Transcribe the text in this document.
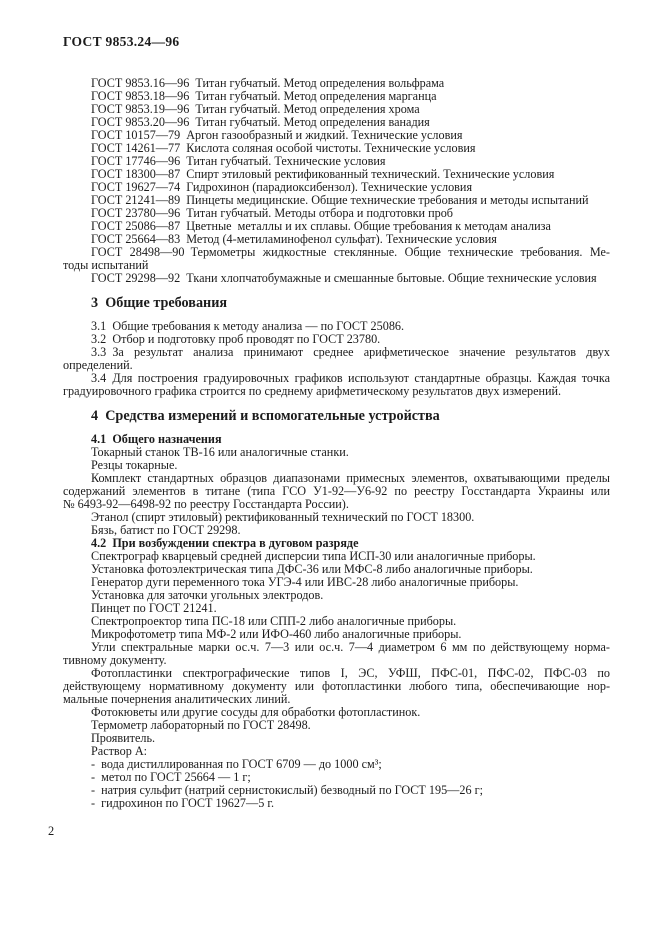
ГОСТ 9853.24—96
ГОСТ 9853.16—96 Титан губчатый. Метод определения вольфрама
ГОСТ 9853.18—96 Титан губчатый. Метод определения марганца
ГОСТ 9853.19—96 Титан губчатый. Метод определения хрома
ГОСТ 9853.20—96 Титан губчатый. Метод определения ванадия
ГОСТ 10157—79 Аргон газообразный и жидкий. Технические условия
ГОСТ 14261—77 Кислота соляная особой чистоты. Технические условия
ГОСТ 17746—96 Титан губчатый. Технические условия
ГОСТ 18300—87 Спирт этиловый ректификованный технический. Технические условия
ГОСТ 19627—74 Гидрохинон (парадиоксибензол). Технические условия
ГОСТ 21241—89 Пинцеты медицинские. Общие технические требования и методы испытаний
ГОСТ 23780—96 Титан губчатый. Методы отбора и подготовки проб
ГОСТ 25086—87 Цветные металлы и их сплавы. Общие требования к методам анализа
ГОСТ 25664—83 Метод (4-метиламинофенол сульфат). Технические условия
ГОСТ 28498—90 Термометры жидкостные стеклянные. Общие технические требования. Ме-
тоды испытаний
ГОСТ 29298—92 Ткани хлопчатобумажные и смешанные бытовые. Общие технические условия
3 Общие требования
3.1 Общие требования к методу анализа — по ГОСТ 25086.
3.2 Отбор и подготовку проб проводят по ГОСТ 23780.
3.3 За результат анализа принимают среднее арифметическое значение результатов двух
определений.
3.4 Для построения градуировочных графиков используют стандартные образцы. Каждая точка
градуировочного графика строится по среднему арифметическому результатов двух измерений.
4 Средства измерений и вспомогательные устройства
4.1 Общего назначения
Токарный станок ТВ-16 или аналогичные станки.
Резцы токарные.
Комплект стандартных образцов диапазонами примесных элементов, охватывающими пределы
содержаний элементов в титане (типа ГСО У1-92—У6-92 по реестру Госстандарта Украины или
№ 6493-92—6498-92 по реестру Госстандарта России).
Этанол (спирт этиловый) ректификованный технический по ГОСТ 18300.
Бязь, батист по ГОСТ 29298.
4.2 При возбуждении спектра в дуговом разряде
Спектрограф кварцевый средней дисперсии типа ИСП-30 или аналогичные приборы.
Установка фотоэлектрическая типа ДФС-36 или МФС-8 либо аналогичные приборы.
Генератор дуги переменного тока УГЭ-4 или ИВС-28 либо аналогичные приборы.
Установка для заточки угольных электродов.
Пинцет по ГОСТ 21241.
Спектропроектор типа ПС-18 или СПП-2 либо аналогичные приборы.
Микрофотометр типа МФ-2 или ИФО-460 либо аналогичные приборы.
Угли спектральные марки ос.ч. 7—3 или ос.ч. 7—4 диаметром 6 мм по действующему норма-
тивному документу.
Фотопластинки спектрографические типов I, ЭС, УФШ, ПФС-01, ПФС-02, ПФС-03 по
действующему нормативному документу или фотопластинки любого типа, обеспечивающие нор-
мальные почернения аналитических линий.
Фотокюветы или другие сосуды для обработки фотопластинок.
Термометр лабораторный по ГОСТ 28498.
Проявитель.
Раствор А:
- вода дистиллированная по ГОСТ 6709 — до 1000 см³;
- метол по ГОСТ 25664 — 1 г;
- натрия сульфит (натрий сернистокислый) безводный по ГОСТ 195—26 г;
- гидрохинон по ГОСТ 19627—5 г.
2
